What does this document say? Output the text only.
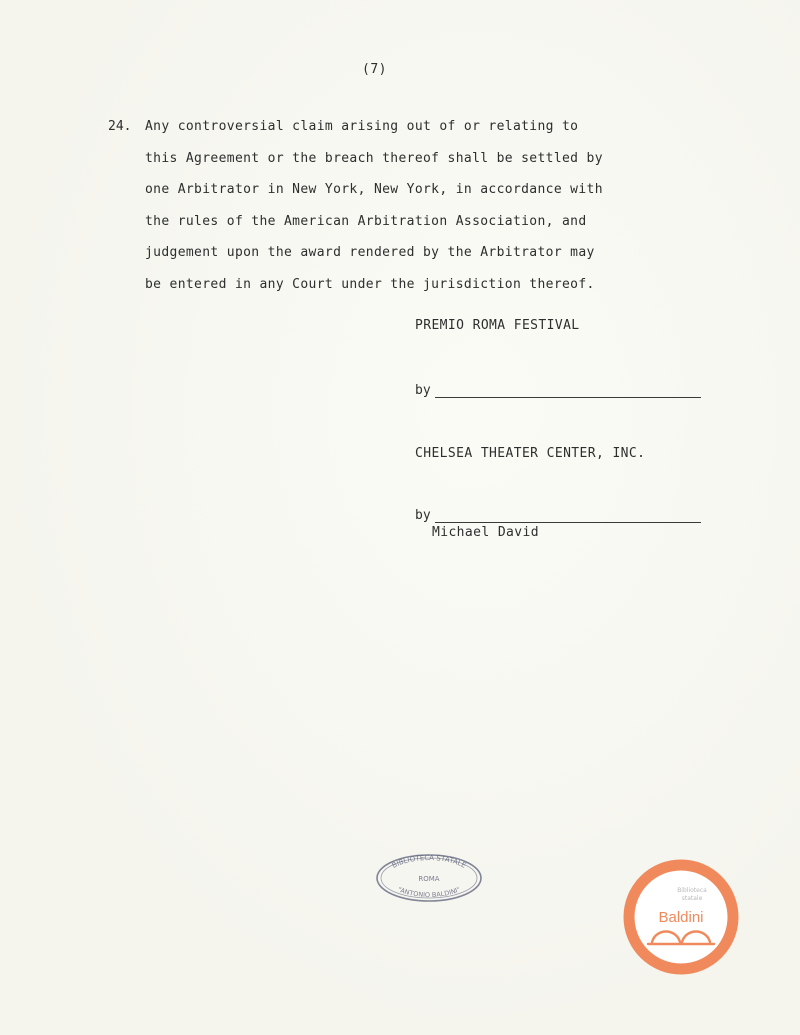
(7)
24. Any controversial claim arising out of or relating to
this Agreement or the breach thereof shall be settled by
one Arbitrator in New York, New York, in accordance with
the rules of the American Arbitration Association, and
judgement upon the award rendered by the Arbitrator may
be entered in any Court under the jurisdiction thereof.
PREMIO ROMA FESTIVAL
by
CHELSEA THEATER CENTER, INC.
by
Michael David
BIBLIOTECA STATALE
ROMA
"ANTONIO BALDINI"	Biblioteca
statale
Baldini
